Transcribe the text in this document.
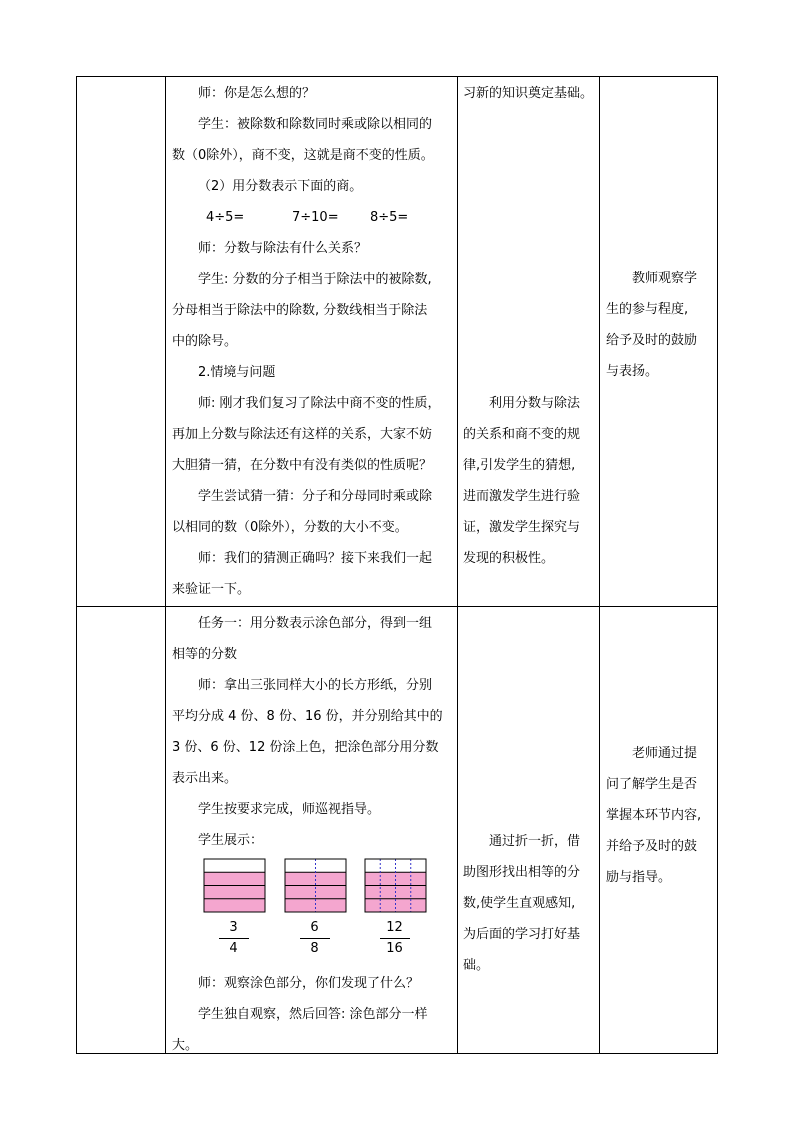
师：你是怎么想的？

学生：被除数和除数同时乘或除以相同的

数（0除外），商不变，这就是商不变的性质。

（2）用分数表示下面的商。

4÷5=	7÷10= 8÷5=

师：分数与除法有什么关系？

学生: 分数的分子相当于除法中的被除数,

分母相当于除法中的除数, 分数线相当于除法

中的除号。

2.情境与问题

师: 刚才我们复习了除法中商不变的性质，

再加上分数与除法还有这样的关系，大家不妨

大胆猜一猜，在分数中有没有类似的性质呢？

学生尝试猜一猜：分子和分母同时乘或除

以相同的数（0除外），分数的大小不变。

师：我们的猜测正确吗？接下来我们一起

来验证一下。

习新的知识奠定基础。

利用分数与除法

的关系和商不变的规

律,引发学生的猜想,

进而激发学生进行验

证，激发学生探究与

发现的积极性。

教师观察学

生的参与程度,

给予及时的鼓励

与表扬。

任务一：用分数表示涂色部分，得到一组

相等的分数

师：拿出三张同样大小的长方形纸，分别

平均分成 4 份、8 份、16 份，并分别给其中的

3 份、6 份、12 份涂上色，把涂色部分用分数

表示出来。

学生按要求完成，师巡视指导。

学生展示：

3
4
6
8
12
16

师：观察涂色部分，你们发现了什么？

学生独自观察，然后回答: 涂色部分一样

大。

通过折一折，借

助图形找出相等的分

数,使学生直观感知,

为后面的学习打好基

础。

老师通过提

问了解学生是否

掌握本环节内容,

并给予及时的鼓

励与指导。
